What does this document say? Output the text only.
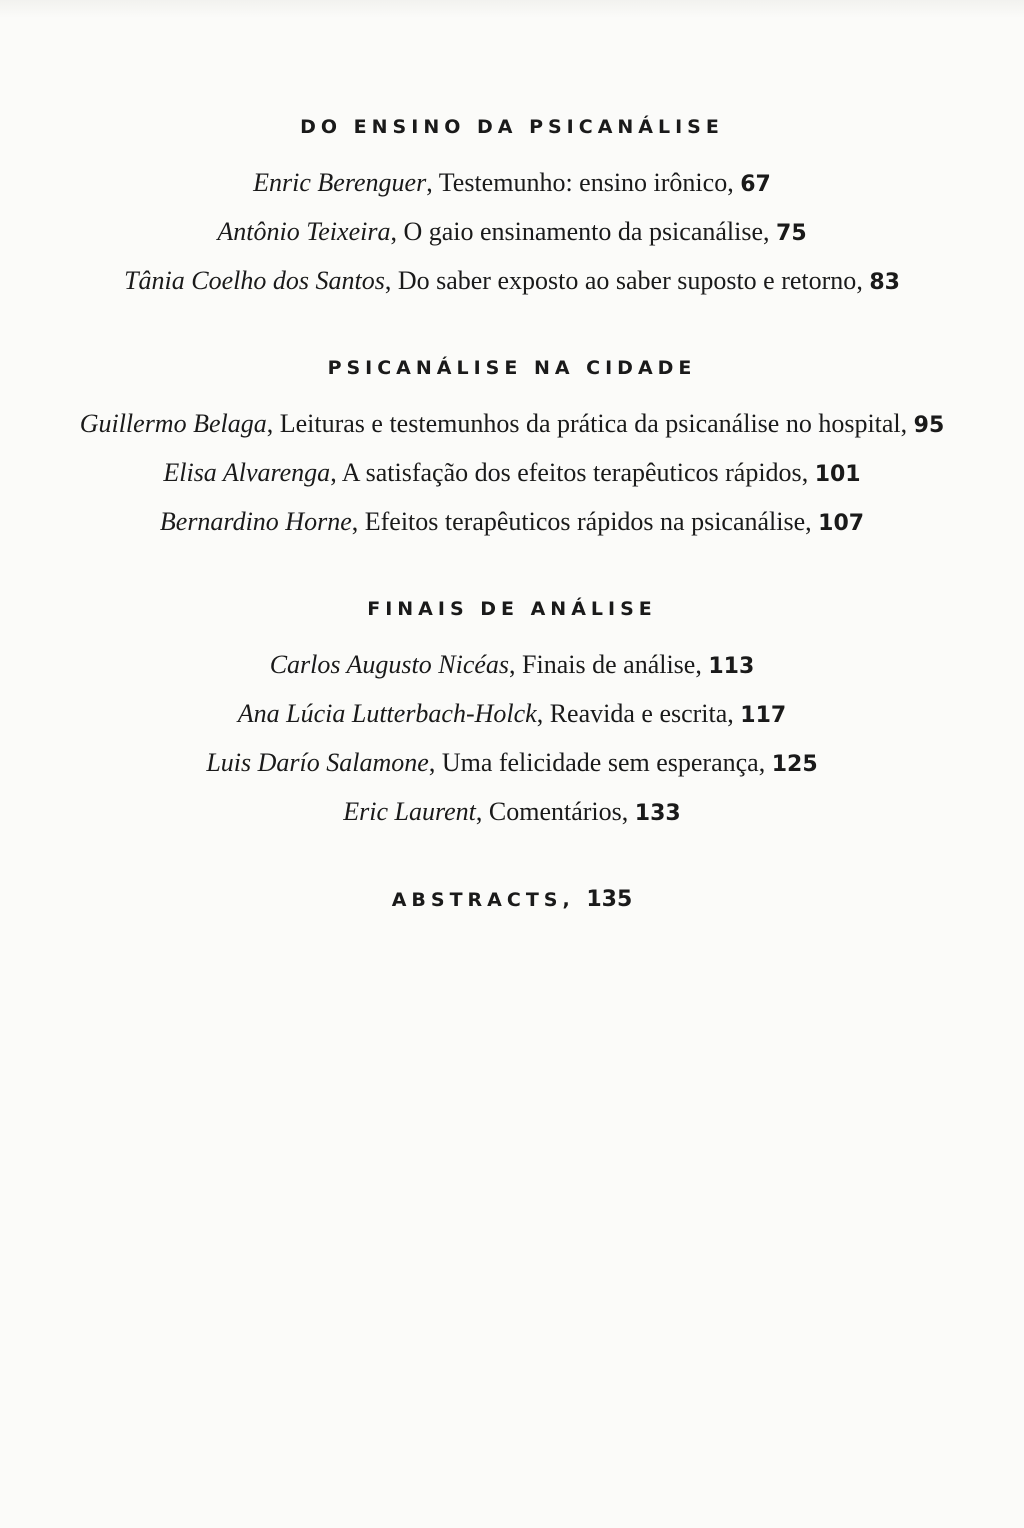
DO ENSINO DA PSICANÁLISE
Enric Berenguer, Testemunho: ensino irônico, 67
Antônio Teixeira, O gaio ensinamento da psicanálise, 75
Tânia Coelho dos Santos, Do saber exposto ao saber suposto e retorno, 83
PSICANÁLISE NA CIDADE
Guillermo Belaga, Leituras e testemunhos da prática da psicanálise no hospital, 95
Elisa Alvarenga, A satisfação dos efeitos terapêuticos rápidos, 101
Bernardino Horne, Efeitos terapêuticos rápidos na psicanálise, 107
FINAIS DE ANÁLISE
Carlos Augusto Nicéas, Finais de análise, 113
Ana Lúcia Lutterbach-Holck, Reavida e escrita, 117
Luis Darío Salamone, Uma felicidade sem esperança, 125
Eric Laurent, Comentários, 133
ABSTRACTS, 135
